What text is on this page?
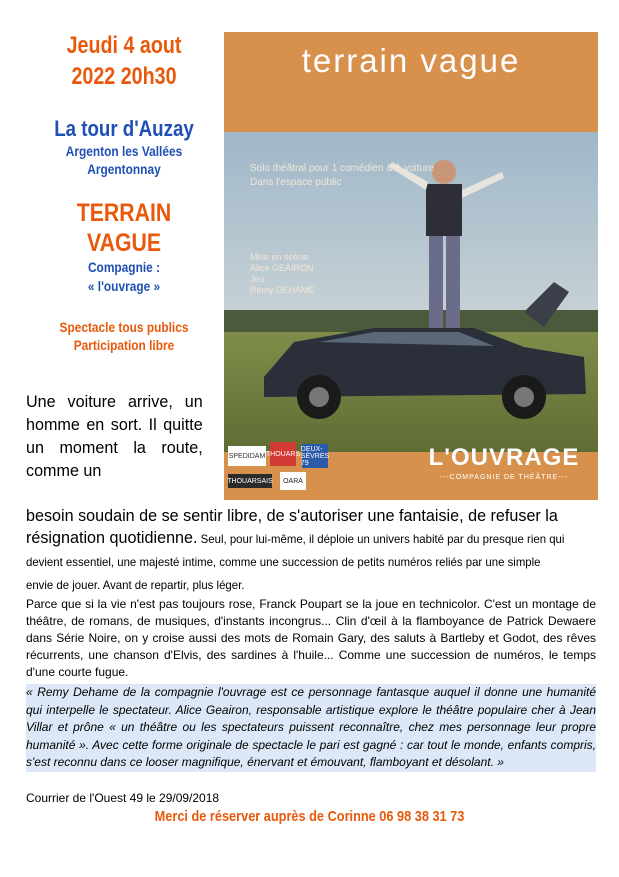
Jeudi 4 aout
2022 20h30
La tour d'Auzay
Argenton les Vallées
Argentonnay
TERRAIN
VAGUE
Compagnie :
« l'ouvrage »
Spectacle tous publics
Participation libre
terrain vague
Solo théâtral pour 1 comédien & 1 voiture
Dans l'espace public
Mise en scène
Alice GEAIRON
Jeu
Rémy DEHAME
L'OUVRAGE
---COMPAGNIE DE THÉÂTRE---
SPEDIDAM THOUARS
DEUX-SÈVRES 79
THOUARSAIS	OARA
Une voiture arrive, un homme en sort. Il quitte un moment la route, comme un
besoin soudain de se sentir libre, de s'autoriser une fantaisie, de refuser la résignation quotidienne. Seul, pour lui-même, il déploie un univers habité par du presque rien qui devient essentiel, une majesté intime, comme une succession de petits numéros reliés par une simple envie de jouer. Avant de repartir, plus léger.
Parce que si la vie n'est pas toujours rose, Franck Poupart se la joue en technicolor. C'est un montage de théâtre, de romans, de musiques, d'instants incongrus... Clin d'œil à la flamboyance de Patrick Dewaere dans Série Noire, on y croise aussi des mots de Romain Gary, des saluts à Bartleby et Godot, des rêves récurrents, une chanson d'Elvis, des sardines à l'huile... Comme une succession de numéros, le temps d'une courte fugue.
« Remy Dehame de la compagnie l'ouvrage est ce personnage fantasque auquel il donne une humanité qui interpelle le spectateur. Alice Geairon, responsable artistique explore le théâtre populaire cher à Jean Villar et prône « un théâtre ou les spectateurs puissent reconnaître, chez mes personnage leur propre humanité ». Avec cette forme originale de spectacle le pari est gagné : car tout le monde, enfants compris, s'est reconnu dans ce looser magnifique, énervant et émouvant, flamboyant et désolant. »
Courrier de l'Ouest 49 le 29/09/2018
Merci de réserver auprès de Corinne 06 98 38 31 73
